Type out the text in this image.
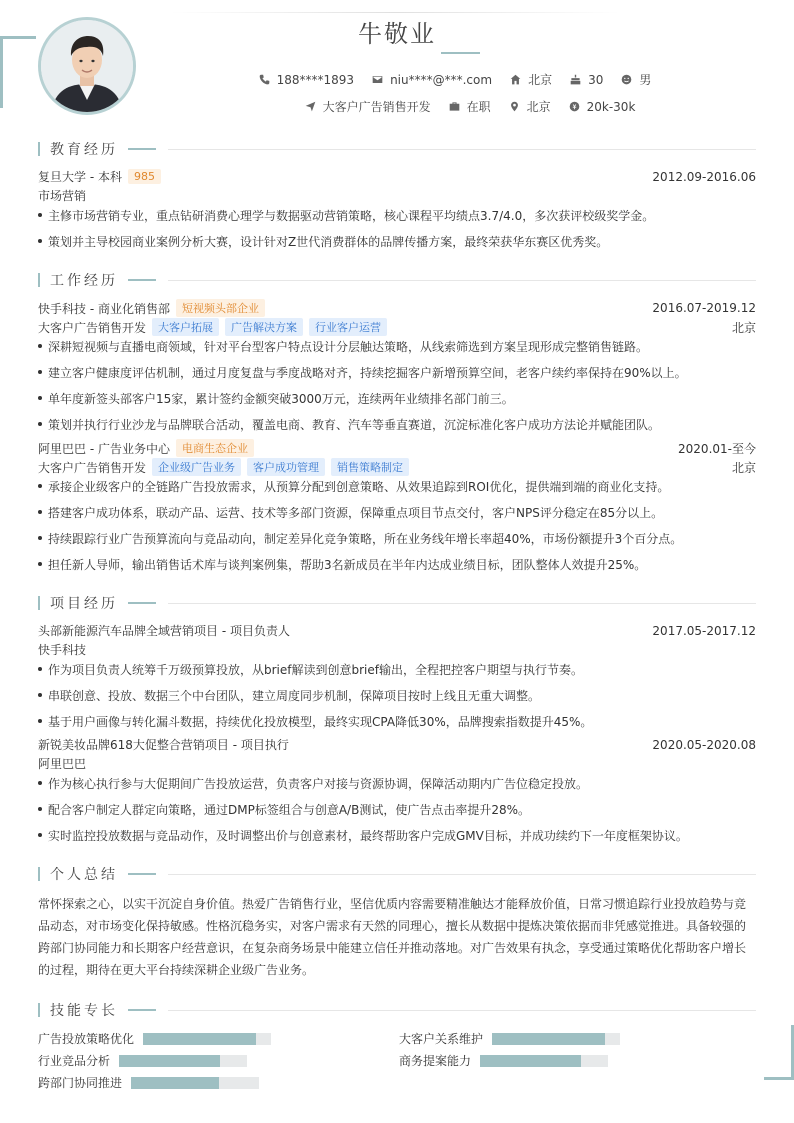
牛敬业
188****1893	niu****@***.com	北京	30	男
大客户广告销售开发	在职	北京	20k-30k
教育经历
复旦大学 - 本科	985	2012.09-2016.06
市场营销
主修市场营销专业，重点钻研消费心理学与数据驱动营销策略，核心课程平均绩点3.7/4.0，多次获评校级奖学金。
策划并主导校园商业案例分析大赛，设计针对Z世代消费群体的品牌传播方案，最终荣获华东赛区优秀奖。
工作经历
快手科技 - 商业化销售部	短视频头部企业	2016.07-2019.12
大客户广告销售开发	大客户拓展	广告解决方案	行业客户运营	北京
深耕短视频与直播电商领域，针对平台型客户特点设计分层触达策略，从线索筛选到方案呈现形成完整销售链路。
建立客户健康度评估机制，通过月度复盘与季度战略对齐，持续挖掘客户新增预算空间，老客户续约率保持在90%以上。
单年度新签头部客户15家，累计签约金额突破3000万元，连续两年业绩排名部门前三。
策划并执行行业沙龙与品牌联合活动，覆盖电商、教育、汽车等垂直赛道，沉淀标准化客户成功方法论并赋能团队。
阿里巴巴 - 广告业务中心	电商生态企业	2020.01-至今
大客户广告销售开发	企业级广告业务	客户成功管理	销售策略制定	北京
承接企业级客户的全链路广告投放需求，从预算分配到创意策略、从效果追踪到ROI优化，提供端到端的商业化支持。
搭建客户成功体系，联动产品、运营、技术等多部门资源，保障重点项目节点交付，客户NPS评分稳定在85分以上。
持续跟踪行业广告预算流向与竞品动向，制定差异化竞争策略，所在业务线年增长率超40%，市场份额提升3个百分点。
担任新人导师，输出销售话术库与谈判案例集，帮助3名新成员在半年内达成业绩目标，团队整体人效提升25%。
项目经历
头部新能源汽车品牌全域营销项目 - 项目负责人	2017.05-2017.12
快手科技
作为项目负责人统筹千万级预算投放，从brief解读到创意brief输出，全程把控客户期望与执行节奏。
串联创意、投放、数据三个中台团队，建立周度同步机制，保障项目按时上线且无重大调整。
基于用户画像与转化漏斗数据，持续优化投放模型，最终实现CPA降低30%，品牌搜索指数提升45%。
新锐美妆品牌618大促整合营销项目 - 项目执行	2020.05-2020.08
阿里巴巴
作为核心执行参与大促期间广告投放运营，负责客户对接与资源协调，保障活动期内广告位稳定投放。
配合客户制定人群定向策略，通过DMP标签组合与创意A/B测试，使广告点击率提升28%。
实时监控投放数据与竞品动作，及时调整出价与创意素材，最终帮助客户完成GMV目标，并成功续约下一年度框架协议。
个人总结
常怀探索之心，以实干沉淀自身价值。热爱广告销售行业，坚信优质内容需要精准触达才能释放价值，日常习惯追踪行业投放趋势与竞
品动态，对市场变化保持敏感。性格沉稳务实，对客户需求有天然的同理心，擅长从数据中提炼决策依据而非凭感觉推进。具备较强的
跨部门协同能力和长期客户经营意识，在复杂商务场景中能建立信任并推动落地。对广告效果有执念，享受通过策略优化帮助客户增长
的过程，期待在更大平台持续深耕企业级广告业务。
技能专长
广告投放策略优化	大客户关系维护
行业竞品分析	商务提案能力
跨部门协同推进
